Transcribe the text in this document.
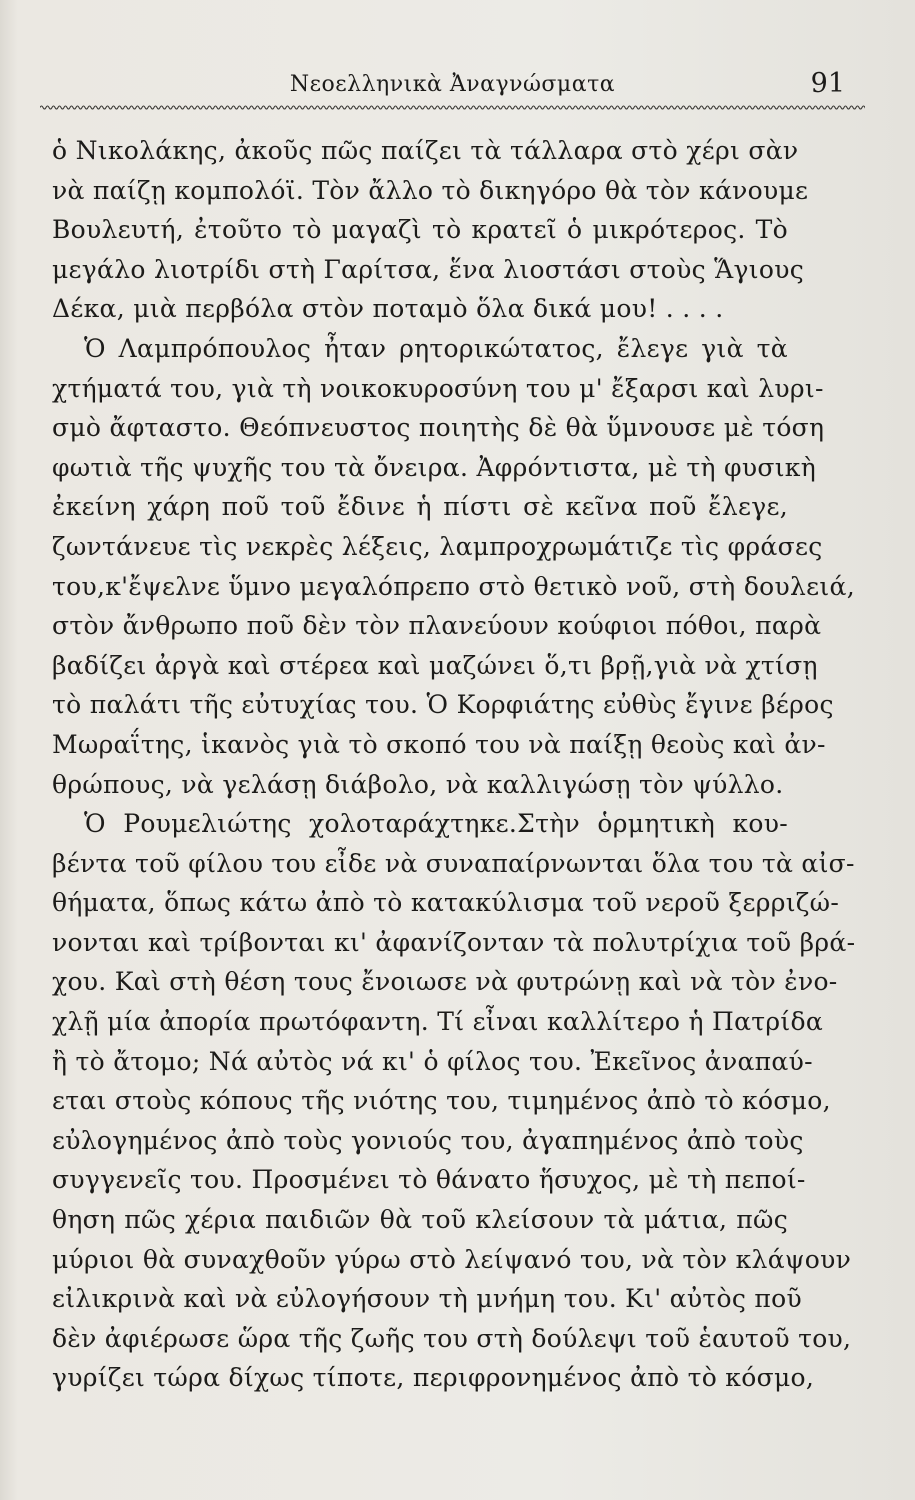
Νεοελληνικὰ Ἀναγνώσματα	91
ὁ Νικολάκης, ἀκοῦς πῶς παίζει τὰ τάλλαρα στὸ χέρι σὰν
νὰ παίζῃ κομπολόϊ. Τὸν ἄλλο τὸ δικηγόρο θὰ τὸν κάνουμε
Βουλευτή, ἐτοῦτο τὸ μαγαζὶ τὸ κρατεῖ ὁ μικρότερος. Τὸ
μεγάλο λιοτρίδι στὴ Γαρίτσα, ἕνα λιοστάσι στοὺς Ἅγιους
Δέκα, μιὰ περβόλα στὸν ποταμὸ ὅλα δικά μου! . . . .
Ὁ Λαμπρόπουλος ἦταν ρητορικώτατος, ἔλεγε γιὰ τὰ
χτήματά του, γιὰ τὴ νοικοκυροσύνη του μ' ἔξαρσι καὶ λυρι-
σμὸ ἄφταστο. Θεόπνευστος ποιητὴς δὲ θὰ ὕμνουσε μὲ τόση
φωτιὰ τῆς ψυχῆς του τὰ ὄνειρα. Ἀφρόντιστα, μὲ τὴ φυσικὴ
ἐκείνη χάρη ποῦ τοῦ ἔδινε ἡ πίστι σὲ κεῖνα ποῦ ἔλεγε,
ζωντάνευε τὶς νεκρὲς λέξεις, λαμπροχρωμάτιζε τὶς φράσες
του,κ'ἔψελνε ὕμνο μεγαλόπρεπο στὸ θετικὸ νοῦ, στὴ δουλειά,
στὸν ἄνθρωπο ποῦ δὲν τὸν πλανεύουν κούφιοι πόθοι, παρὰ
βαδίζει ἀργὰ καὶ στέρεα καὶ μαζώνει ὅ,τι βρῇ,γιὰ νὰ χτίσῃ
τὸ παλάτι τῆς εὐτυχίας του. Ὁ Κορφιάτης εὐθὺς ἔγινε βέρος
Μωραΐτης, ἱκανὸς γιὰ τὸ σκοπό του νὰ παίξῃ θεοὺς καὶ ἀν-
θρώπους, νὰ γελάσῃ διάβολο, νὰ καλλιγώσῃ τὸν ψύλλο.
Ὁ Ρουμελιώτης χολοταράχτηκε.Στὴν ὁρμητικὴ κου-
βέντα τοῦ φίλου του εἶδε νὰ συναπαίρνωνται ὅλα του τὰ αἰσ-
θήματα, ὅπως κάτω ἀπὸ τὸ κατακύλισμα τοῦ νεροῦ ξερριζώ-
νονται καὶ τρίβονται κι' ἀφανίζονταν τὰ πολυτρίχια τοῦ βρά-
χου. Καὶ στὴ θέση τους ἔνοιωσε νὰ φυτρώνῃ καὶ νὰ τὸν ἐνο-
χλῇ μία ἀπορία πρωτόφαντη. Τί εἶναι καλλίτερο ἡ Πατρίδα
ἢ τὸ ἄτομο; Νά αὐτὸς νά κι' ὁ φίλος του. Ἐκεῖνος ἀναπαύ-
εται στοὺς κόπους τῆς νιότης του, τιμημένος ἀπὸ τὸ κόσμο,
εὐλογημένος ἀπὸ τοὺς γονιούς του, ἀγαπημένος ἀπὸ τοὺς
συγγενεῖς του. Προσμένει τὸ θάνατο ἥσυχος, μὲ τὴ πεποί-
θηση πῶς χέρια παιδιῶν θὰ τοῦ κλείσουν τὰ μάτια, πῶς
μύριοι θὰ συναχθοῦν γύρω στὸ λείψανό του, νὰ τὸν κλάψουν
εἰλικρινὰ καὶ νὰ εὐλογήσουν τὴ μνήμη του. Κι' αὐτὸς ποῦ
δὲν ἀφιέρωσε ὥρα τῆς ζωῆς του στὴ δούλεψι τοῦ ἑαυτοῦ του,
γυρίζει τώρα δίχως τίποτε, περιφρονημένος ἀπὸ τὸ κόσμο,
